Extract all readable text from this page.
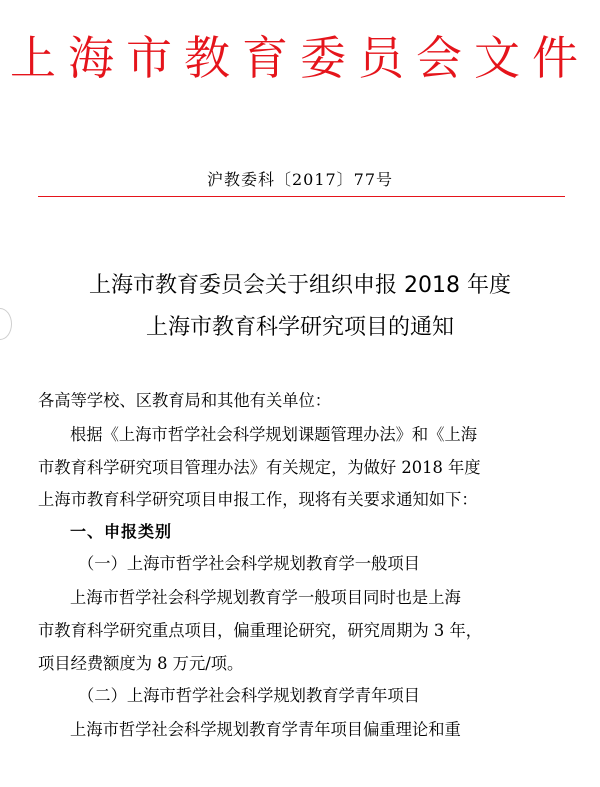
上海市教育委员会文件
沪教委科〔2017〕77号
上海市教育委员会关于组织申报 2018 年度
上海市教育科学研究项目的通知
各高等学校、区教育局和其他有关单位：
根据《上海市哲学社会科学规划课题管理办法》和《上海
市教育科学研究项目管理办法》有关规定，为做好 2018 年度
上海市教育科学研究项目申报工作，现将有关要求通知如下：
一、申报类别
（一）上海市哲学社会科学规划教育学一般项目
上海市哲学社会科学规划教育学一般项目同时也是上海
市教育科学研究重点项目，偏重理论研究，研究周期为 3 年，
项目经费额度为 8 万元/项。
（二）上海市哲学社会科学规划教育学青年项目
上海市哲学社会科学规划教育学青年项目偏重理论和重
